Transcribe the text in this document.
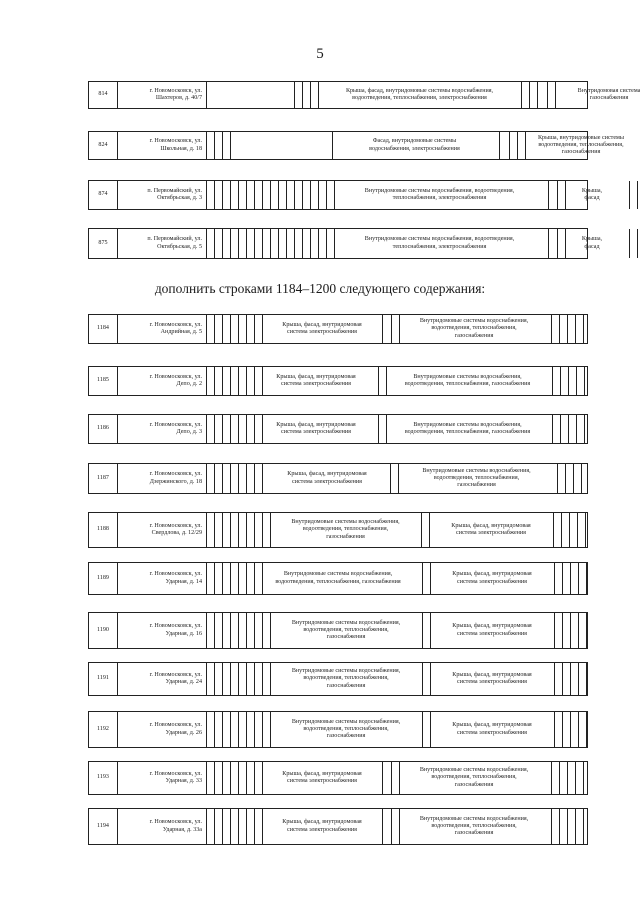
5
дополнить строками 1184–1200 следующего содержания:
814
г. Новомосковск, ул.
Шахтеров, д. 40/7
Крыша, фасад, внутридомовые системы водоснабжения,
водоотведения, теплоснабжения, электроснабжения
Внутридомовая система
газоснабжения
824
г. Новомосковск, ул.
Школьная, д. 18
Фасад, внутридомовые системы
водоснабжения, электроснабжения
Крыша, внутридомовые системы
водоотведения, теплоснабжения,
газоснабжения
874
п. Первомайский, ул.
Октябрьская, д. 3
Внутридомовые системы водоснабжения, водоотведения,
теплоснабжения, электроснабжения
Крыша,
фасад
875
п. Первомайский, ул.
Октябрьская, д. 5
Внутридомовые системы водоснабжения, водоотведения,
теплоснабжения, электроснабжения
Крыша,
фасад
1184
г. Новомосковск, ул.
Андрийная, д. 5
Крыша, фасад, внутридомовая
система электроснабжения
Внутридомовые системы водоснабжения,
водоотведения, теплоснабжения,
газоснабжения
1185
г. Новомосковск, ул.
Депо, д. 2
Крыша, фасад, внутридомовая
система электроснабжения
Внутридомовые системы водоснабжения,
водоотведения, теплоснабжения, газоснабжения
1186
г. Новомосковск, ул.
Депо, д. 3
Крыша, фасад, внутридомовая
система электроснабжения
Внутридомовые системы водоснабжения,
водоотведения, теплоснабжения, газоснабжения
1187
г. Новомосковск, ул.
Дзержинского, д. 18
Крыша, фасад, внутридомовая
система электроснабжения
Внутридомовые системы водоснабжения,
водоотведения, теплоснабжения,
газоснабжения
1188
г. Новомосковск, ул.
Свердлова, д. 12/29
Внутридомовые системы водоснабжения,
водоотведения, теплоснабжения,
газоснабжения
Крыша, фасад, внутридомовая
система электроснабжения
1189
г. Новомосковск, ул.
Ударная, д. 14
Внутридомовые системы водоснабжения,
водоотведения, теплоснабжения, газоснабжения
Крыша, фасад, внутридомовая
система электроснабжения
1190
г. Новомосковск, ул.
Ударная, д. 16
Внутридомовые системы водоснабжения,
водоотведения, теплоснабжения,
газоснабжения
Крыша, фасад, внутридомовая
система электроснабжения
1191
г. Новомосковск, ул.
Ударная, д. 24
Внутридомовые системы водоснабжения,
водоотведения, теплоснабжения,
газоснабжения
Крыша, фасад, внутридомовая
система электроснабжения
1192
г. Новомосковск, ул.
Ударная, д. 26
Внутридомовые системы водоснабжения,
водоотведения, теплоснабжения,
газоснабжения
Крыша, фасад, внутридомовая
система электроснабжения
1193
г. Новомосковск, ул.
Ударная, д. 33
Крыша, фасад, внутридомовая
система электроснабжения
Внутридомовые системы водоснабжения,
водоотведения, теплоснабжения,
газоснабжения
1194
г. Новомосковск, ул.
Ударная, д. 33а
Крыша, фасад, внутридомовая
система электроснабжения
Внутридомовые системы водоснабжения,
водоотведения, теплоснабжения,
газоснабжения
